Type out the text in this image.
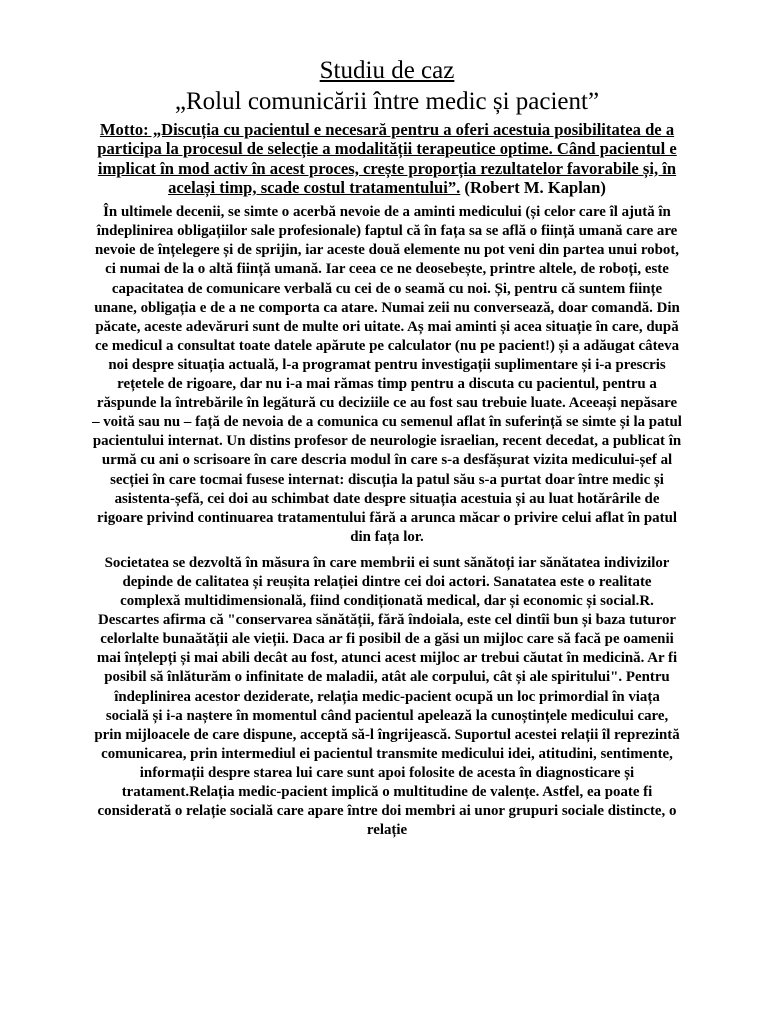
Studiu de caz
„Rolul comunicării între medic și pacient”

Motto: „Discuția cu pacientul e necesară pentru a oferi acestuia posibilitatea de a participa la procesul de selecție a modalității terapeutice optime. Când pacientul e implicat în mod activ în acest proces, crește proporția rezultatelor favorabile și, în același timp, scade costul tratamentului”. (Robert M. Kaplan)

În ultimele decenii, se simte o acerbă nevoie de a aminti medicului (și celor care îl ajută în îndeplinirea obligațiilor sale profesionale) faptul că în fața sa se află o ființă umană care are nevoie de înțelegere și de sprijin, iar aceste două elemente nu pot veni din partea unui robot, ci numai de la o altă ființă umană. Iar ceea ce ne deosebește, printre altele, de roboți, este capacitatea de comunicare verbală cu cei de o seamă cu noi. Și, pentru că suntem ființe unane, obligația e de a ne comporta ca atare. Numai zeii nu conversează, doar comandă. Din păcate, aceste adevăruri sunt de multe ori uitate. Aș mai aminti și acea situație în care, după ce medicul a consultat toate datele apărute pe calculator (nu pe pacient!) și a adăugat câteva noi despre situația actuală, l-a programat pentru investigații suplimentare și i-a prescris rețetele de rigoare, dar nu i-a mai rămas timp pentru a discuta cu pacientul, pentru a răspunde la întrebările în legătură cu deciziile ce au fost sau trebuie luate. Aceeași nepăsare – voită sau nu – față de nevoia de a comunica cu semenul aflat în suferință se simte și la patul pacientului internat. Un distins profesor de neurologie israelian, recent decedat, a publicat în urmă cu ani o scrisoare în care descria modul în care s-a desfășurat vizita medicului-șef al secției în care tocmai fusese internat: discuția la patul său s-a purtat doar între medic și asistenta-șefă, cei doi au schimbat date despre situația acestuia și au luat hotărârile de rigoare privind continuarea tratamentului fără a arunca măcar o privire celui aflat în patul din fața lor.

Societatea se dezvoltă în măsura în care membrii ei sunt sănătoți iar sănătatea indivizilor depinde de calitatea și reușita relației dintre cei doi actori. Sanatatea este o realitate complexă multidimensională, fiind condiționată medical, dar și economic și social.R. Descartes afirma că "conservarea sănătății, fără îndoiala, este cel dintîi bun și baza tuturor celorlalte bunaătății ale vieții. Daca ar fi posibil de a găsi un mijloc care să facă pe oamenii mai înțelepți și mai abili decât au fost, atunci acest mijloc ar trebui căutat în medicină. Ar fi posibil să înlăturăm o infinitate de maladii, atât ale corpului, cât și ale spiritului". Pentru îndeplinirea acestor deziderate, relația medic-pacient ocupă un loc primordial în viața socială și i-a naștere în momentul când pacientul apelează la cunoștințele medicului care, prin mijloacele de care dispune, acceptă să-l îngrijească. Suportul acestei relații îl reprezintă comunicarea, prin intermediul ei pacientul transmite medicului idei, atitudini, sentimente, informații despre starea lui care sunt apoi folosite de acesta în diagnosticare și tratament.Relația medic-pacient implică o multitudine de valențe. Astfel, ea poate fi considerată o relație socială care apare între doi membri ai unor grupuri sociale distincte, o relație
